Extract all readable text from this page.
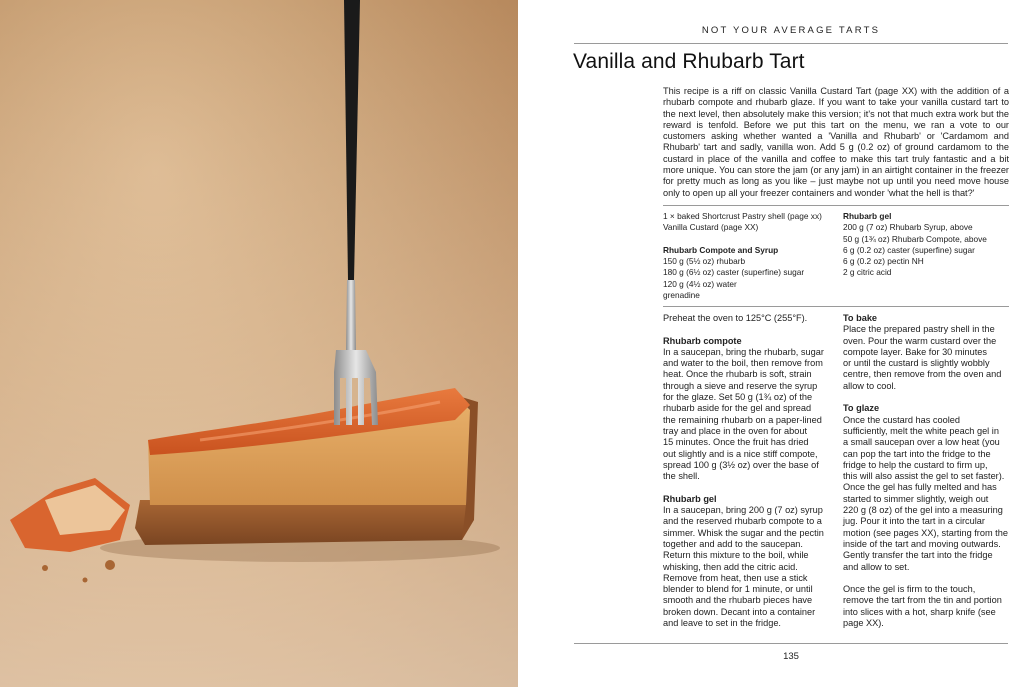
NOT YOUR AVERAGE TARTS
Vanilla and Rhubarb Tart
This recipe is a riff on classic Vanilla Custard Tart (page XX) with the addition of a rhubarb compote and rhubarb glaze. If you want to take your vanilla custard tart to the next level, then absolutely make this version; it's not that much extra work but the reward is tenfold. Before we put this tart on the menu, we ran a vote to our customers asking whether wanted a 'Vanilla and Rhubarb' or 'Cardamom and Rhubarb' tart and sadly, vanilla won. Add 5 g (0.2 oz) of ground cardamom to the custard in place of the vanilla and coffee to make this tart truly fantastic and a bit more unique. You can store the jam (or any jam) in an airtight container in the freezer for pretty much as long as you like – just maybe not up until you need move house only to open up all your freezer containers and wonder 'what the hell is that?'
1 × baked Shortcrust Pastry shell (page xx)
Vanilla Custard (page XX)
Rhubarb Compote and Syrup
150 g (5½ oz) rhubarb
180 g (6½ oz) caster (superfine) sugar
120 g (4½ oz) water
grenadine
Rhubarb gel
200 g (7 oz) Rhubarb Syrup, above
50 g (1¾ oz) Rhubarb Compote, above
6 g (0.2 oz) caster (superfine) sugar
6 g (0.2 oz) pectin NH
2 g citric acid
Preheat the oven to 125°C (255°F).
Rhubarb compote
In a saucepan, bring the rhubarb, sugar
and water to the boil, then remove from
heat. Once the rhubarb is soft, strain
through a sieve and reserve the syrup
for the glaze. Set 50 g (1¾ oz) of the
rhubarb aside for the gel and spread
the remaining rhubarb on a paper-lined
tray and place in the oven for about
15 minutes. Once the fruit has dried
out slightly and is a nice stiff compote,
spread 100 g (3½ oz) over the base of
the shell.
Rhubarb gel
In a saucepan, bring 200 g (7 oz) syrup
and the reserved rhubarb compote to a
simmer. Whisk the sugar and the pectin
together and add to the saucepan.
Return this mixture to the boil, while
whisking, then add the citric acid.
Remove from heat, then use a stick
blender to blend for 1 minute, or until
smooth and the rhubarb pieces have
broken down. Decant into a container
and leave to set in the fridge.
To bake
Place the prepared pastry shell in the
oven. Pour the warm custard over the
compote layer. Bake for 30 minutes
or until the custard is slightly wobbly
centre, then remove from the oven and
allow to cool.
To glaze
Once the custard has cooled
sufficiently, melt the white peach gel in
a small saucepan over a low heat (you
can pop the tart into the fridge to the
fridge to help the custard to firm up,
this will also assist the gel to set faster).
Once the gel has fully melted and has
started to simmer slightly, weigh out
220 g (8 oz) of the gel into a measuring
jug. Pour it into the tart in a circular
motion (see pages XX), starting from the
inside of the tart and moving outwards.
Gently transfer the tart into the fridge
and allow to set.
Once the gel is firm to the touch,
remove the tart from the tin and portion
into slices with a hot, sharp knife (see
page XX).
135
